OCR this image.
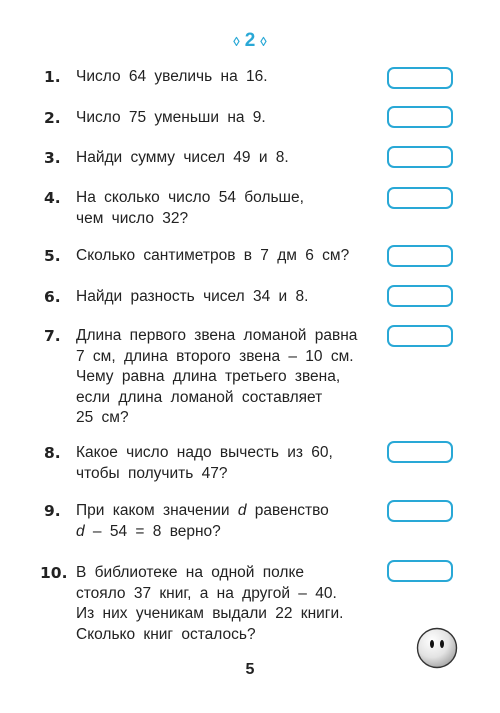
◊ 2 ◊
1. Число 64 увеличь на 16.
2. Число 75 уменьши на 9.
3. Найди сумму чисел 49 и 8.
4. На сколько число 54 больше,
чем число 32?
5. Сколько сантиметров в 7 дм 6 см?
6. Найди разность чисел 34 и 8.
7. Длина первого звена ломаной равна
7 см, длина второго звена – 10 см.
Чему равна длина третьего звена,
если длина ломаной составляет
25 см?
8. Какое число надо вычесть из 60,
чтобы получить 47?
9. При каком значении d равенство
d – 54 = 8 верно?
10. В библиотеке на одной полке
стояло 37 книг, а на другой – 40.
Из них ученикам выдали 22 книги.
Сколько книг осталось?
5
